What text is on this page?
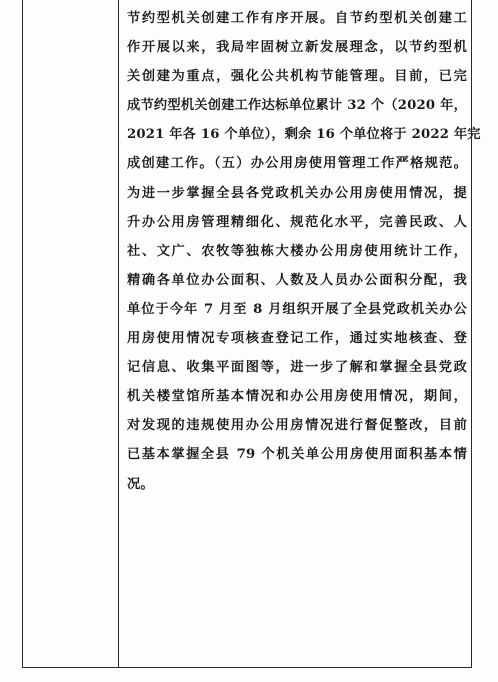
节约型机关创建工作有序开展。自节约型机关创建工
作开展以来，我局牢固树立新发展理念，以节约型机
关创建为重点，强化公共机构节能管理。目前，已完
成节约型机关创建工作达标单位累计 32 个（2020 年，
2021 年各 16 个单位），剩余 16 个单位将于 2022 年完
成创建工作。（五）办公用房使用管理工作严格规范。
为进一步掌握全县各党政机关办公用房使用情况，提
升办公用房管理精细化、规范化水平，完善民政、人
社、文广、农牧等独栋大楼办公用房使用统计工作，
精确各单位办公面积、人数及人员办公面积分配，我
单位于今年 7 月至 8 月组织开展了全县党政机关办公
用房使用情况专项核查登记工作，通过实地核查、登
记信息、收集平面图等，进一步了解和掌握全县党政
机关楼堂馆所基本情况和办公用房使用情况，期间，
对发现的违规使用办公用房情况进行督促整改，目前
已基本掌握全县 79 个机关单公用房使用面积基本情
况。
